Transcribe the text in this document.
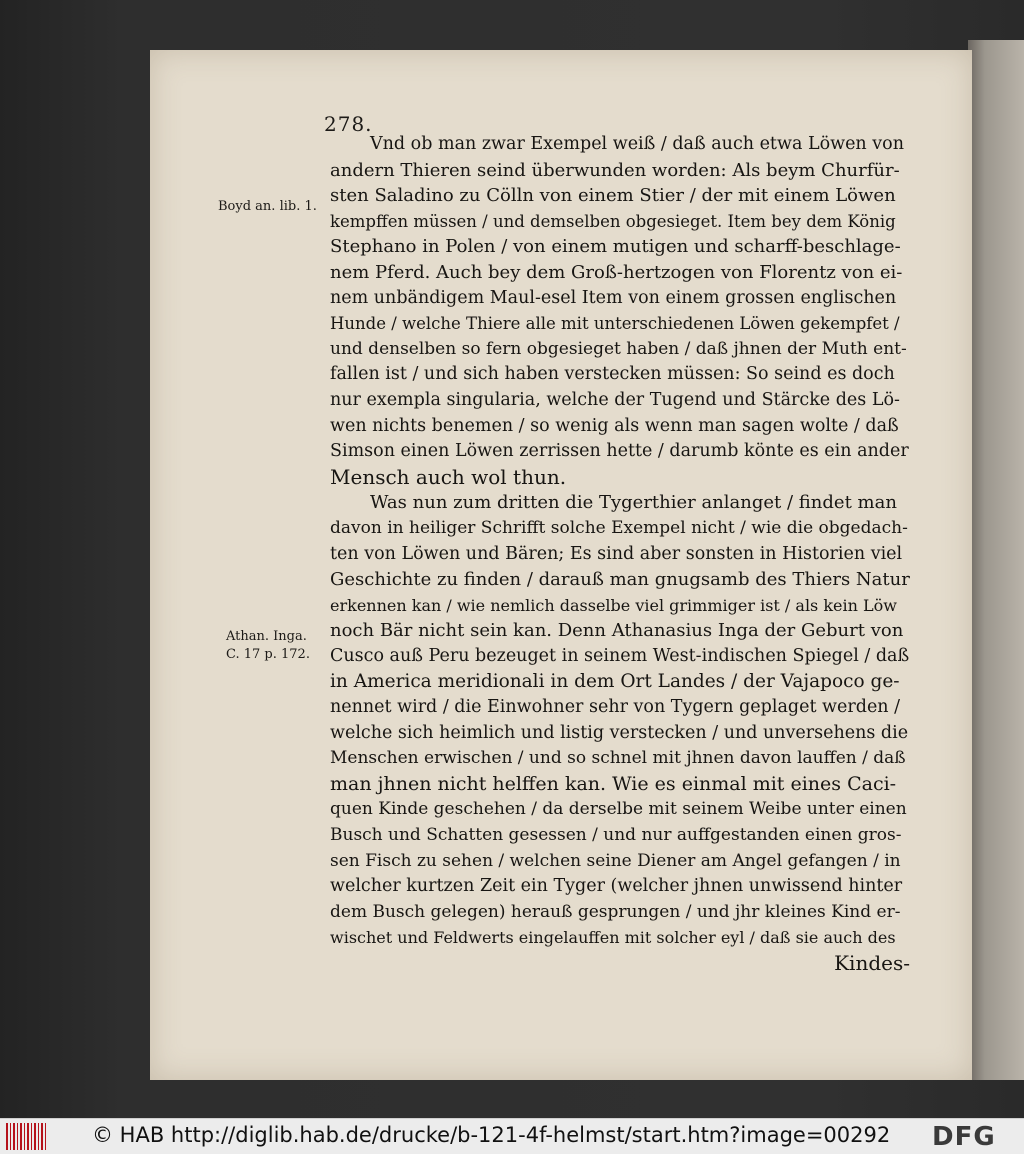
278.
Boyd an. lib. 1.
Athan. Inga.
C. 17 p. 172.
Vnd ob man zwar Exempel weiß / daß auch etwa Löwen von
andern Thieren seind überwunden worden: Als beym Churfür-
sten Saladino zu Cölln von einem Stier / der mit einem Löwen
kempffen müssen / und demselben obgesieget. Item bey dem König
Stephano in Polen / von einem mutigen und scharff-beschlage-
nem Pferd. Auch bey dem Groß-hertzogen von Florentz von ei-
nem unbändigem Maul-esel Item von einem grossen englischen
Hunde / welche Thiere alle mit unterschiedenen Löwen gekempfet /
und denselben so fern obgesieget haben / daß jhnen der Muth ent-
fallen ist / und sich haben verstecken müssen: So seind es doch
nur exempla singularia, welche der Tugend und Stärcke des Lö-
wen nichts benemen / so wenig als wenn man sagen wolte / daß
Simson einen Löwen zerrissen hette / darumb könte es ein ander
Mensch auch wol thun.
Was nun zum dritten die Tygerthier anlanget / findet man
davon in heiliger Schrifft solche Exempel nicht / wie die obgedach-
ten von Löwen und Bären; Es sind aber sonsten in Historien viel
Geschichte zu finden / darauß man gnugsamb des Thiers Natur
erkennen kan / wie nemlich dasselbe viel grimmiger ist / als kein Löw
noch Bär nicht sein kan. Denn Athanasius Inga der Geburt von
Cusco auß Peru bezeuget in seinem West-indischen Spiegel / daß
in America meridionali in dem Ort Landes / der Vajapoco ge-
nennet wird / die Einwohner sehr von Tygern geplaget werden /
welche sich heimlich und listig verstecken / und unversehens die
Menschen erwischen / und so schnel mit jhnen davon lauffen / daß
man jhnen nicht helffen kan. Wie es einmal mit eines Caci-
quen Kinde geschehen / da derselbe mit seinem Weibe unter einen
Busch und Schatten gesessen / und nur auffgestanden einen gros-
sen Fisch zu sehen / welchen seine Diener am Angel gefangen / in
welcher kurtzen Zeit ein Tyger (welcher jhnen unwissend hinter
dem Busch gelegen) herauß gesprungen / und jhr kleines Kind er-
wischet und Feldwerts eingelauffen mit solcher eyl / daß sie auch des
Kindes-
© HAB http://diglib.hab.de/drucke/b-121-4f-helmst/start.htm?image=00292 DFG
